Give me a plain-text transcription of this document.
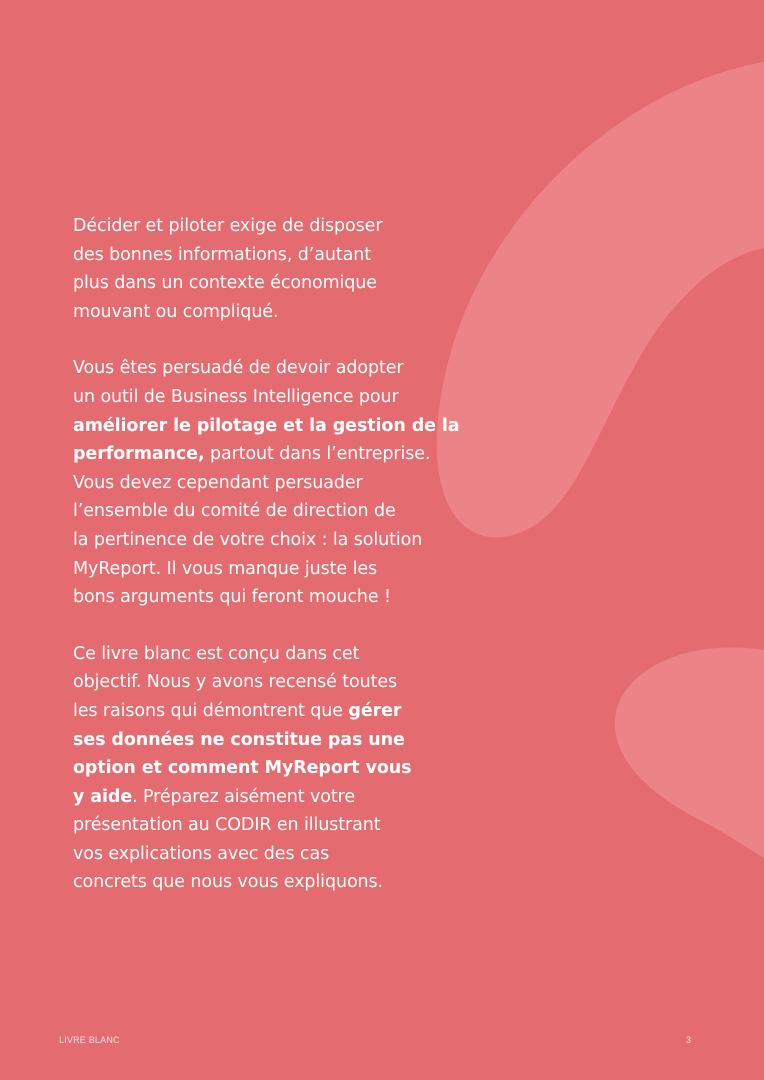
Décider et piloter exige de disposer
des bonnes informations, d’autant
plus dans un contexte économique
mouvant ou compliqué.
Vous êtes persuadé de devoir adopter
un outil de Business Intelligence pour
améliorer le pilotage et la gestion de la
performance, partout dans l’entreprise.
Vous devez cependant persuader
l’ensemble du comité de direction de
la pertinence de votre choix : la solution
MyReport. Il vous manque juste les
bons arguments qui feront mouche !
Ce livre blanc est conçu dans cet
objectif. Nous y avons recensé toutes
les raisons qui démontrent que gérer
ses données ne constitue pas une
option et comment MyReport vous
y aide. Préparez aisément votre
présentation au CODIR en illustrant
vos explications avec des cas
concrets que nous vous expliquons.
LIVRE BLANC	3
